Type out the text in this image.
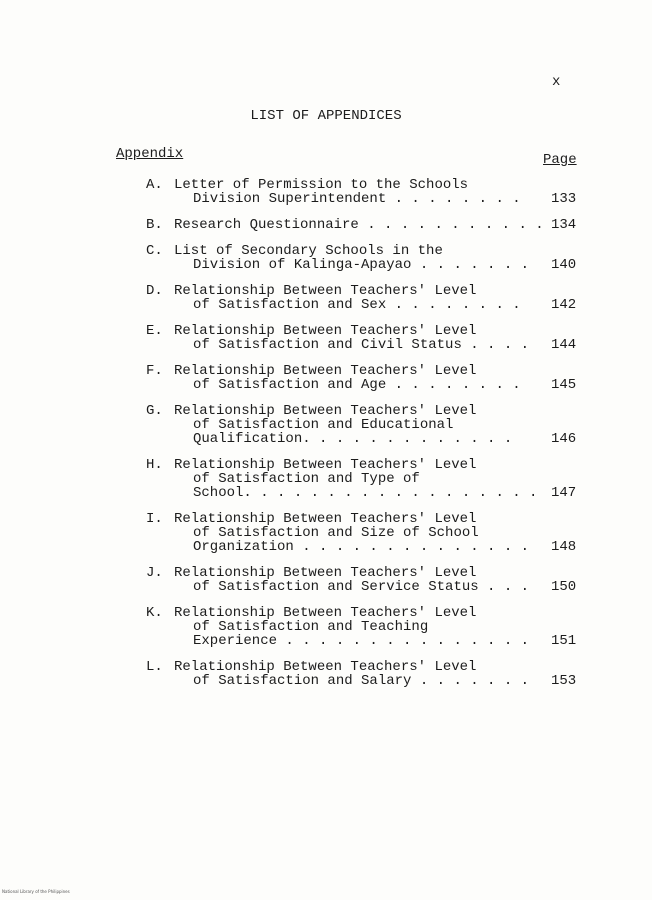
x
LIST OF APPENDICES
Appendix	Page
A. Letter of Permission to the Schools
Division Superintendent . . . . . . . .	133
B. Research Questionnaire . . . . . . . . . . . 134
C. List of Secondary Schools in the
Division of Kalinga-Apayao . . . . . . .	140
D. Relationship Between Teachers' Level
of Satisfaction and Sex . . . . . . . .	142
E. Relationship Between Teachers' Level
of Satisfaction and Civil Status . . . .	144
F. Relationship Between Teachers' Level
of Satisfaction and Age . . . . . . . .	145
G. Relationship Between Teachers' Level
of Satisfaction and Educational
Qualification. . . . . . . . . . . . .	146
H. Relationship Between Teachers' Level
of Satisfaction and Type of
School. . . . . . . . . . . . . . . . . . 147
I. Relationship Between Teachers' Level
of Satisfaction and Size of School
Organization . . . . . . . . . . . . . .	148
J. Relationship Between Teachers' Level
of Satisfaction and Service Status . . .	150
K. Relationship Between Teachers' Level
of Satisfaction and Teaching
Experience . . . . . . . . . . . . . . .	151
L. Relationship Between Teachers' Level
of Satisfaction and Salary . . . . . . .	153
National Library of the Philippines
